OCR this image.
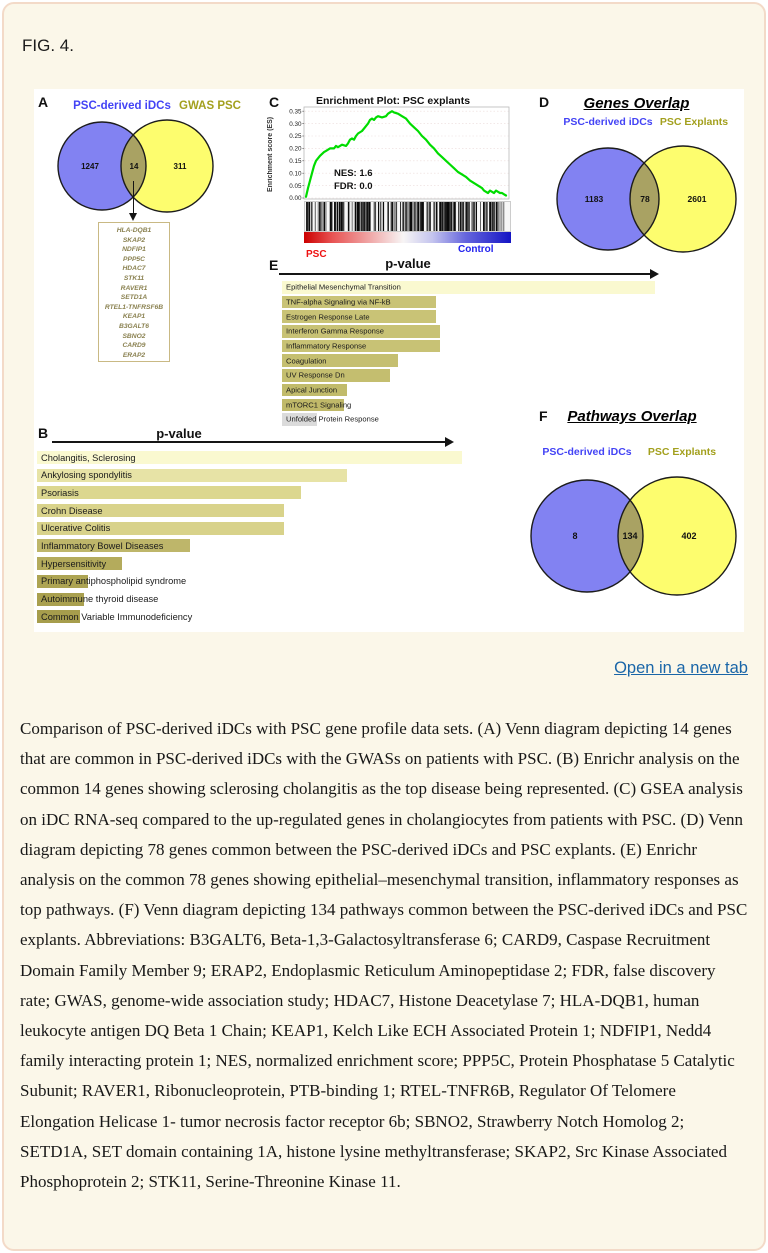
FIG. 4.
A	PSC-derived iDCs GWAS PSC
1247	14	311
HLA-DQB1
SKAP2
NDFIP1
PPP5C
HDAC7
STK11
RAVER1
SETD1A
RTEL1-TNFRSF6B
KEAP1
B3GALT6
SBNO2
CARD9
ERAP2
C	Enrichment Plot: PSC explants
Enrichment score (ES)
0.35
0.30
0.25
0.20
0.15
0.10
0.05
0.00
NES: 1.6
FDR: 0.0
PSC	Control
D	Genes Overlap
PSC-derived iDCs PSC Explants
1183	78	2601
E	p-value
Epithelial Mesenchymal Transition
TNF-alpha Signaling via NF-kB
Estrogen Response Late
Interferon Gamma Response
Inflammatory Response
Coagulation
UV Response Dn
Apical Junction
mTORC1 Signaling
Unfolded Protein Response
B	p-value
Cholangitis, Sclerosing
Ankylosing spondylitis
Psoriasis
Crohn Disease
Ulcerative Colitis
Inflammatory Bowel Diseases
Hypersensitivity
Primary antiphospholipid syndrome
Autoimmune thyroid disease
Common Variable Immunodeficiency
F	Pathways Overlap
PSC-derived iDCs	PSC Explants
8	134	402
Open in a new tab

Comparison of PSC-derived iDCs with PSC gene profile data sets. (A) Venn diagram depicting 14 genes that are common in PSC-derived iDCs with the GWASs on patients with PSC. (B) Enrichr analysis on the common 14 genes showing sclerosing cholangitis as the top disease being represented. (C) GSEA analysis on iDC RNA-seq compared to the up-regulated genes in cholangiocytes from patients with PSC. (D) Venn diagram depicting 78 genes common between the PSC-derived iDCs and PSC explants. (E) Enrichr analysis on the common 78 genes showing epithelial–mesenchymal transition, inflammatory responses as top pathways. (F) Venn diagram depicting 134 pathways common between the PSC-derived iDCs and PSC explants. Abbreviations: B3GALT6, Beta-1,3-Galactosyltransferase 6; CARD9, Caspase Recruitment Domain Family Member 9; ERAP2, Endoplasmic Reticulum Aminopeptidase 2; FDR, false discovery rate; GWAS, genome-wide association study; HDAC7, Histone Deacetylase 7; HLA-DQB1, human leukocyte antigen DQ Beta 1 Chain; KEAP1, Kelch Like ECH Associated Protein 1; NDFIP1, Nedd4 family interacting protein 1; NES, normalized enrichment score; PPP5C, Protein Phosphatase 5 Catalytic Subunit; RAVER1, Ribonucleoprotein, PTB-binding 1; RTEL-TNFR6B, Regulator Of Telomere Elongation Helicase 1- tumor necrosis factor receptor 6b; SBNO2, Strawberry Notch Homolog 2; SETD1A, SET domain containing 1A, histone lysine methyltransferase; SKAP2, Src Kinase Associated Phosphoprotein 2; STK11, Serine-Threonine Kinase 11.
